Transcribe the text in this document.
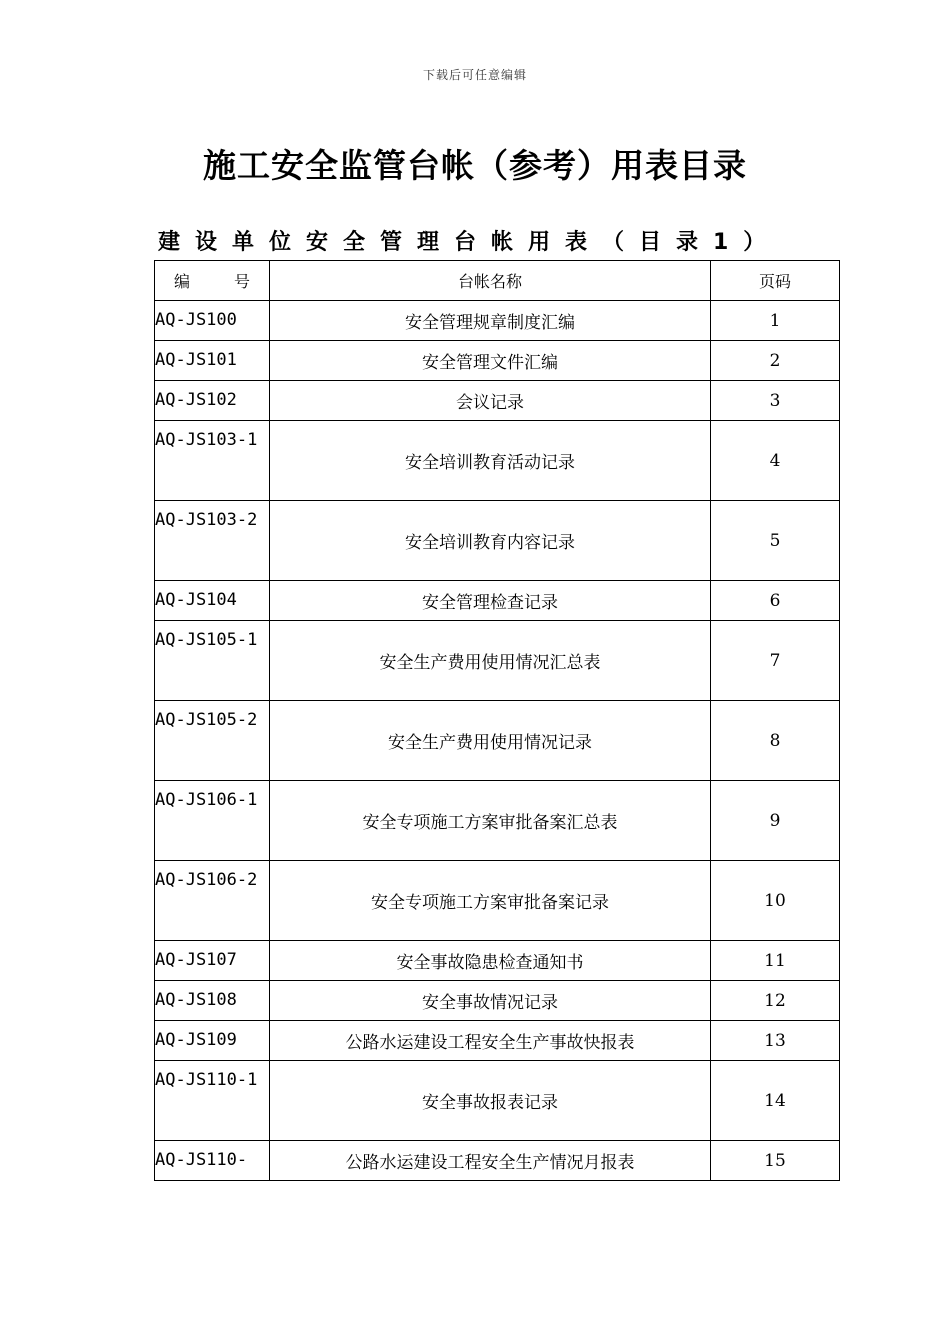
下载后可任意编辑
施工安全监管台帐（参考）用表目录
建设单位安全管理台帐用表（目录1）
编 号	台帐名称	页码
AQ-JS100	安全管理规章制度汇编	1
AQ-JS101	安全管理文件汇编	2
AQ-JS102	会议记录	3
AQ-JS103-1	安全培训教育活动记录	4
AQ-JS103-2	安全培训教育内容记录	5
AQ-JS104	安全管理检查记录	6
AQ-JS105-1	安全生产费用使用情况汇总表	7
AQ-JS105-2	安全生产费用使用情况记录	8
AQ-JS106-1	安全专项施工方案审批备案汇总表	9
AQ-JS106-2	安全专项施工方案审批备案记录	10
AQ-JS107	安全事故隐患检查通知书	11
AQ-JS108	安全事故情况记录	12
AQ-JS109	公路水运建设工程安全生产事故快报表	13
AQ-JS110-1	安全事故报表记录	14
AQ-JS110-	公路水运建设工程安全生产情况月报表	15
